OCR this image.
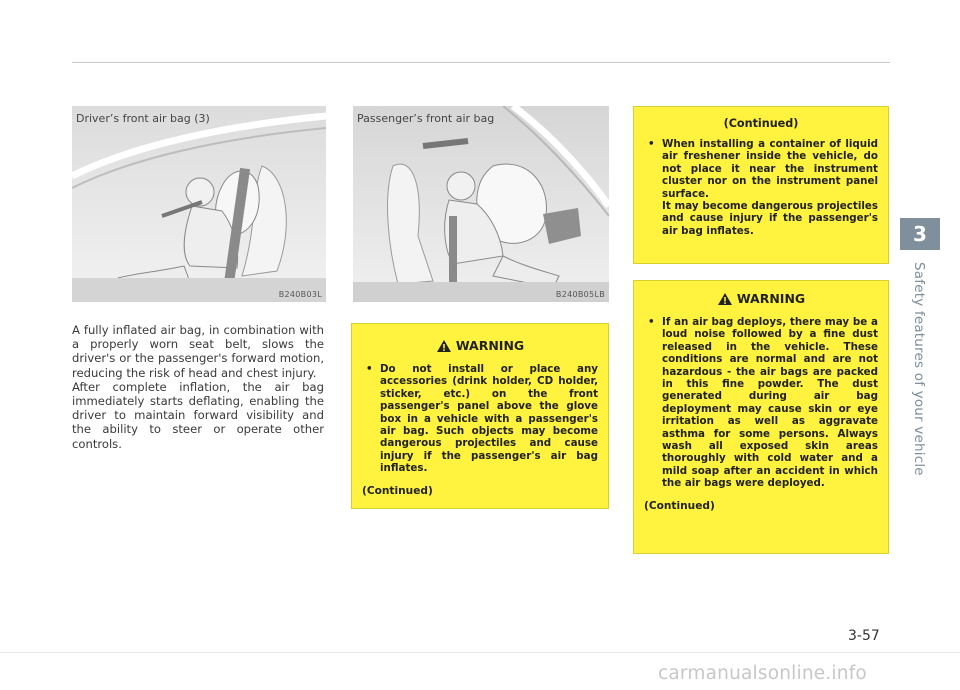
Driver’s front air bag (3)
B240B03L
Passenger’s front air bag
B240B05LB

A fully inflated air bag, in combination with a properly worn seat belt, slows the driver's or the passenger's forward motion, reducing the risk of head and chest injury.

After complete inflation, the air bag immediately starts deflating, enabling the driver to maintain forward visibility and the ability to steer or operate other controls.

WARNING
• Do not install or place any accessories (drink holder, CD holder, sticker, etc.) on the front passenger's panel above the glove box in a vehicle with a passenger's air bag. Such objects may become dangerous projectiles and cause injury if the passenger's air bag inflates.

(Continued)
(Continued)
• When installing a container of liquid air freshener inside the vehicle, do not place it near the instrument cluster nor on the instrument panel surface.

It may become dangerous projectiles and cause injury if the passenger's air bag inflates.

WARNING
• If an air bag deploys, there may be a loud noise followed by a fine dust released in the vehicle. These conditions are normal and are not hazardous - the air bags are packed in this fine powder. The dust generated during air bag deployment may cause skin or eye irritation as well as aggravate asthma for some persons. Always wash all exposed skin areas thoroughly with cold water and a mild soap after an accident in which the air bags were deployed.

(Continued)
3
Safety features of your vehicle
3-57
carmanualsonline.info
